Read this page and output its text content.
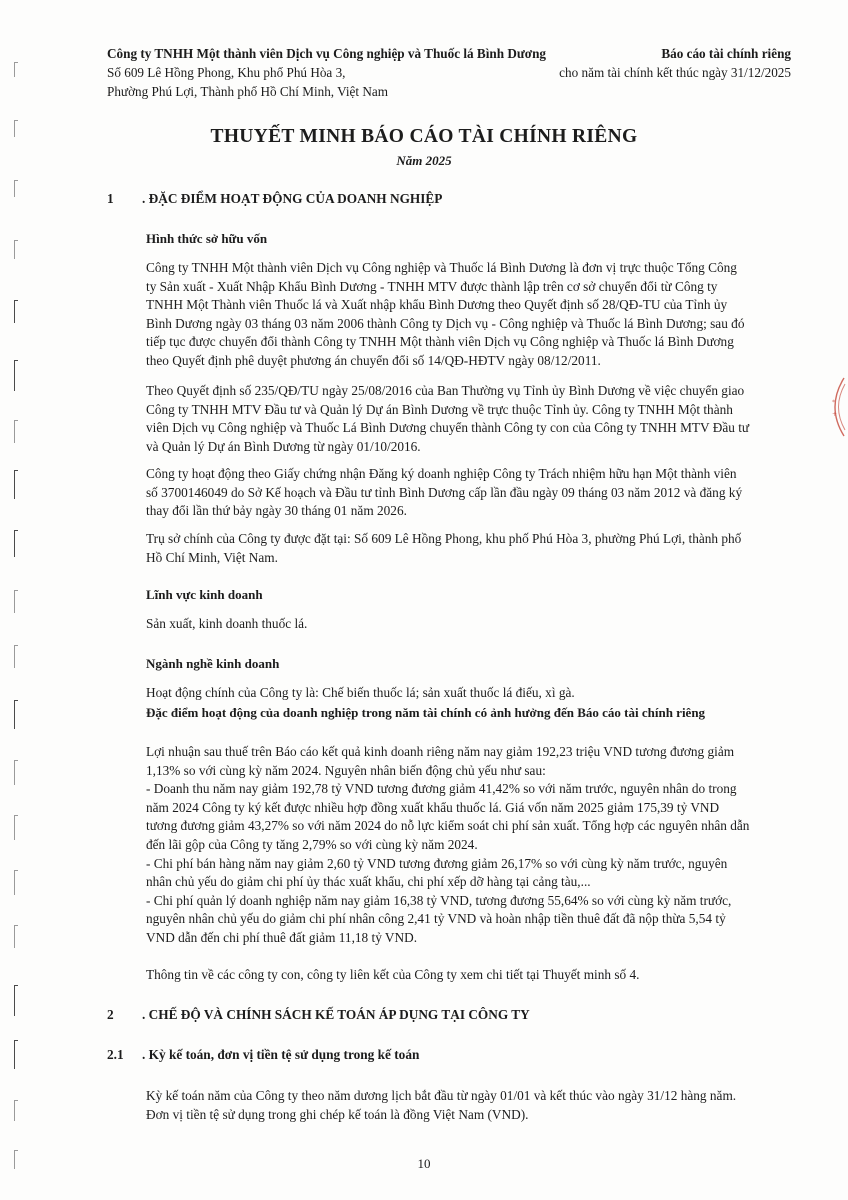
*
+
Công ty TNHH Một thành viên Dịch vụ Công nghiệp và Thuốc lá Bình Dương
Số 609 Lê Hồng Phong, Khu phố Phú Hòa 3,
Phường Phú Lợi, Thành phố Hồ Chí Minh, Việt Nam
Báo cáo tài chính riêng
cho năm tài chính kết thúc ngày 31/12/2025
THUYẾT MINH BÁO CÁO TÀI CHÍNH RIÊNG
Năm 2025
1 . ĐẶC ĐIỂM HOẠT ĐỘNG CỦA DOANH NGHIỆP
Hình thức sở hữu vốn
Công ty TNHH Một thành viên Dịch vụ Công nghiệp và Thuốc lá Bình Dương là đơn vị trực thuộc Tổng Công
ty Sản xuất - Xuất Nhập Khẩu Bình Dương - TNHH MTV được thành lập trên cơ sở chuyển đổi từ Công ty
TNHH Một Thành viên Thuốc lá và Xuất nhập khẩu Bình Dương theo Quyết định số 28/QĐ-TU của Tỉnh ủy
Bình Dương ngày 03 tháng 03 năm 2006 thành Công ty Dịch vụ - Công nghiệp và Thuốc lá Bình Dương; sau đó
tiếp tục được chuyển đổi thành Công ty TNHH Một thành viên Dịch vụ Công nghiệp và Thuốc lá Bình Dương
theo Quyết định phê duyệt phương án chuyển đổi số 14/QĐ-HĐTV ngày 08/12/2011.
Theo Quyết định số 235/QĐ/TU ngày 25/08/2016 của Ban Thường vụ Tỉnh ủy Bình Dương về việc chuyển giao
Công ty TNHH MTV Đầu tư và Quản lý Dự án Bình Dương về trực thuộc Tỉnh ủy. Công ty TNHH Một thành
viên Dịch vụ Công nghiệp và Thuốc Lá Bình Dương chuyển thành Công ty con của Công ty TNHH MTV Đầu tư
và Quản lý Dự án Bình Dương từ ngày 01/10/2016.
Công ty hoạt động theo Giấy chứng nhận Đăng ký doanh nghiệp Công ty Trách nhiệm hữu hạn Một thành viên
số 3700146049 do Sở Kế hoạch và Đầu tư tỉnh Bình Dương cấp lần đầu ngày 09 tháng 03 năm 2012 và đăng ký
thay đổi lần thứ bảy ngày 30 tháng 01 năm 2026.
Trụ sở chính của Công ty được đặt tại: Số 609 Lê Hồng Phong, khu phố Phú Hòa 3, phường Phú Lợi, thành phố
Hồ Chí Minh, Việt Nam.
Lĩnh vực kinh doanh
Sản xuất, kinh doanh thuốc lá.
Ngành nghề kinh doanh
Hoạt động chính của Công ty là: Chế biến thuốc lá; sản xuất thuốc lá điếu, xì gà.
Đặc điểm hoạt động của doanh nghiệp trong năm tài chính có ảnh hưởng đến Báo cáo tài chính riêng
Lợi nhuận sau thuế trên Báo cáo kết quả kinh doanh riêng năm nay giảm 192,23 triệu VND tương đương giảm
1,13% so với cùng kỳ năm 2024. Nguyên nhân biến động chủ yếu như sau:
- Doanh thu năm nay giảm 192,78 tỷ VND tương đương giảm 41,42% so với năm trước, nguyên nhân do trong
năm 2024 Công ty ký kết được nhiều hợp đồng xuất khẩu thuốc lá. Giá vốn năm 2025 giảm 175,39 tỷ VND
tương đương giảm 43,27% so với năm 2024 do nỗ lực kiểm soát chi phí sản xuất. Tổng hợp các nguyên nhân dẫn
đến lãi gộp của Công ty tăng 2,79% so với cùng kỳ năm 2024.
- Chi phí bán hàng năm nay giảm 2,60 tỷ VND tương đương giảm 26,17% so với cùng kỳ năm trước, nguyên
nhân chủ yếu do giảm chi phí ủy thác xuất khẩu, chi phí xếp dỡ hàng tại cảng tàu,...
- Chi phí quản lý doanh nghiệp năm nay giảm 16,38 tỷ VND, tương đương 55,64% so với cùng kỳ năm trước,
nguyên nhân chủ yếu do giảm chi phí nhân công 2,41 tỷ VND và hoàn nhập tiền thuê đất đã nộp thừa 5,54 tỷ
VND dẫn đến chi phí thuê đất giảm 11,18 tỷ VND.
Thông tin về các công ty con, công ty liên kết của Công ty xem chi tiết tại Thuyết minh số 4.
2 . CHẾ ĐỘ VÀ CHÍNH SÁCH KẾ TOÁN ÁP DỤNG TẠI CÔNG TY
2.1 . Kỳ kế toán, đơn vị tiền tệ sử dụng trong kế toán
Kỳ kế toán năm của Công ty theo năm dương lịch bắt đầu từ ngày 01/01 và kết thúc vào ngày 31/12 hàng năm.
Đơn vị tiền tệ sử dụng trong ghi chép kế toán là đồng Việt Nam (VND).
10
